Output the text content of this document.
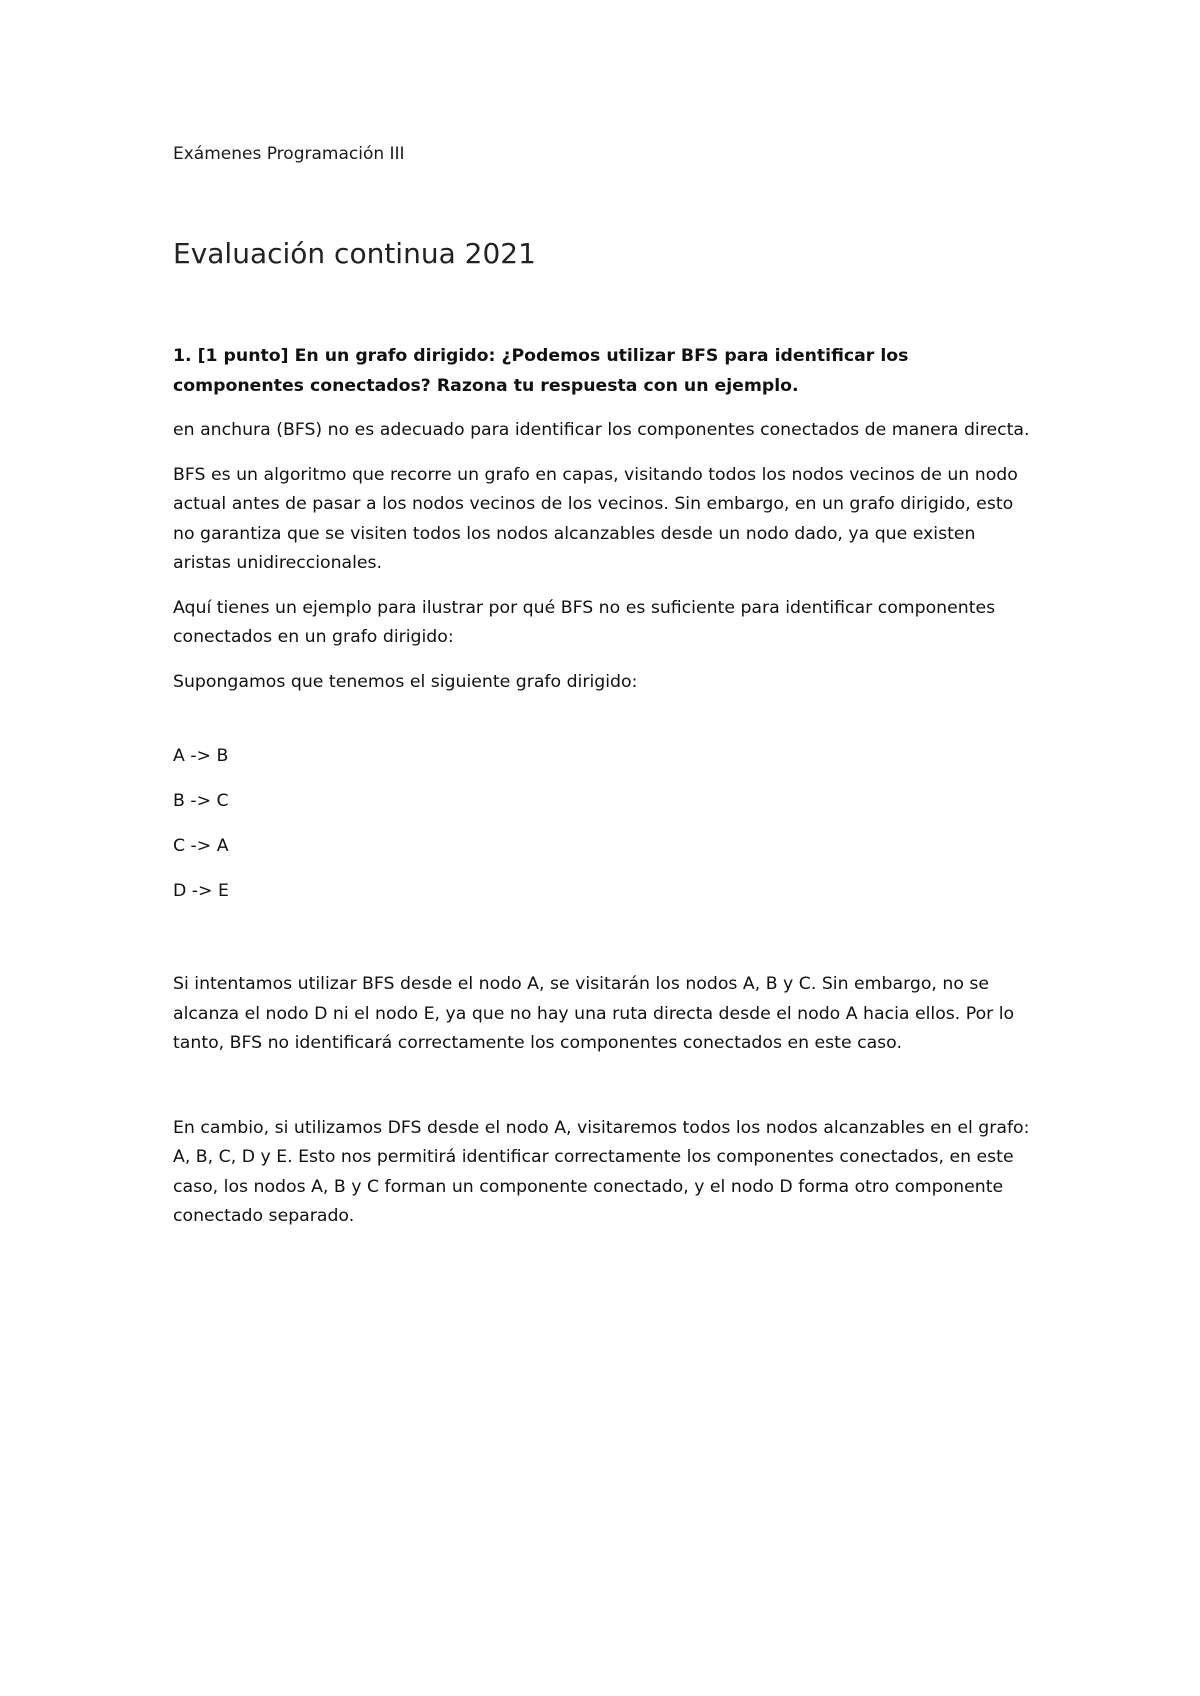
Exámenes Programación III
Evaluación continua 2021

1. [1 punto] En un grafo dirigido: ¿Podemos utilizar BFS para identificar los componentes conectados? Razona tu respuesta con un ejemplo.

en anchura (BFS) no es adecuado para identificar los componentes conectados de manera directa.

BFS es un algoritmo que recorre un grafo en capas, visitando todos los nodos vecinos de un nodo actual antes de pasar a los nodos vecinos de los vecinos. Sin embargo, en un grafo dirigido, esto no garantiza que se visiten todos los nodos alcanzables desde un nodo dado, ya que existen aristas unidireccionales.

Aquí tienes un ejemplo para ilustrar por qué BFS no es suficiente para identificar componentes conectados en un grafo dirigido:

Supongamos que tenemos el siguiente grafo dirigido:

A -> B

B -> C

C -> A

D -> E

Si intentamos utilizar BFS desde el nodo A, se visitarán los nodos A, B y C. Sin embargo, no se alcanza el nodo D ni el nodo E, ya que no hay una ruta directa desde el nodo A hacia ellos. Por lo tanto, BFS no identificará correctamente los componentes conectados en este caso.

En cambio, si utilizamos DFS desde el nodo A, visitaremos todos los nodos alcanzables en el grafo: A, B, C, D y E. Esto nos permitirá identificar correctamente los componentes conectados, en este caso, los nodos A, B y C forman un componente conectado, y el nodo D forma otro componente conectado separado.
